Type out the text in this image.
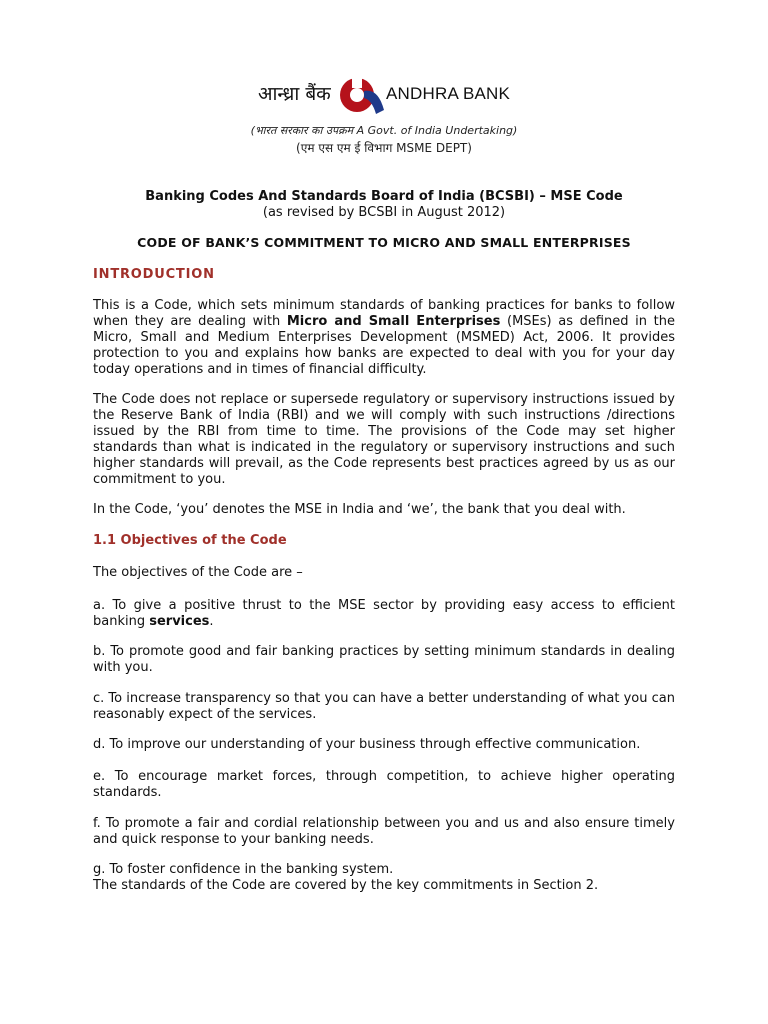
आन्ध्रा बैंक	ANDHRA BANK
(भारत सरकार का उपक्रम A Govt. of India Undertaking)
(एम एस एम ई विभाग MSME DEPT)
Banking Codes And Standards Board of India (BCSBI) – MSE Code
(as revised by BCSBI in August 2012)
CODE OF BANK’S COMMITMENT TO MICRO AND SMALL ENTERPRISES
INTRODUCTION

This is a Code, which sets minimum standards of banking practices for banks to follow when they are dealing with Micro and Small Enterprises (MSEs) as defined in the Micro, Small and Medium Enterprises Development (MSMED) Act, 2006. It provides protection to you and explains how banks are expected to deal with you for your day today operations and in times of financial difficulty.

The Code does not replace or supersede regulatory or supervisory instructions issued by the Reserve Bank of India (RBI) and we will comply with such instructions /directions issued by the RBI from time to time. The provisions of the Code may set higher standards than what is indicated in the regulatory or supervisory instructions and such higher standards will prevail, as the Code represents best practices agreed by us as our commitment to you.

In the Code, ‘you’ denotes the MSE in India and ‘we’, the bank that you deal with.

1.1 Objectives of the Code

The objectives of the Code are –

a. To give a positive thrust to the MSE sector by providing easy access to efficient banking services.

b. To promote good and fair banking practices by setting minimum standards in dealing with you.

c. To increase transparency so that you can have a better understanding of what you can reasonably expect of the services.

d. To improve our understanding of your business through effective communication.

e. To encourage market forces, through competition, to achieve higher operating standards.

f. To promote a fair and cordial relationship between you and us and also ensure timely and quick response to your banking needs.

g. To foster confidence in the banking system.

The standards of the Code are covered by the key commitments in Section 2.
